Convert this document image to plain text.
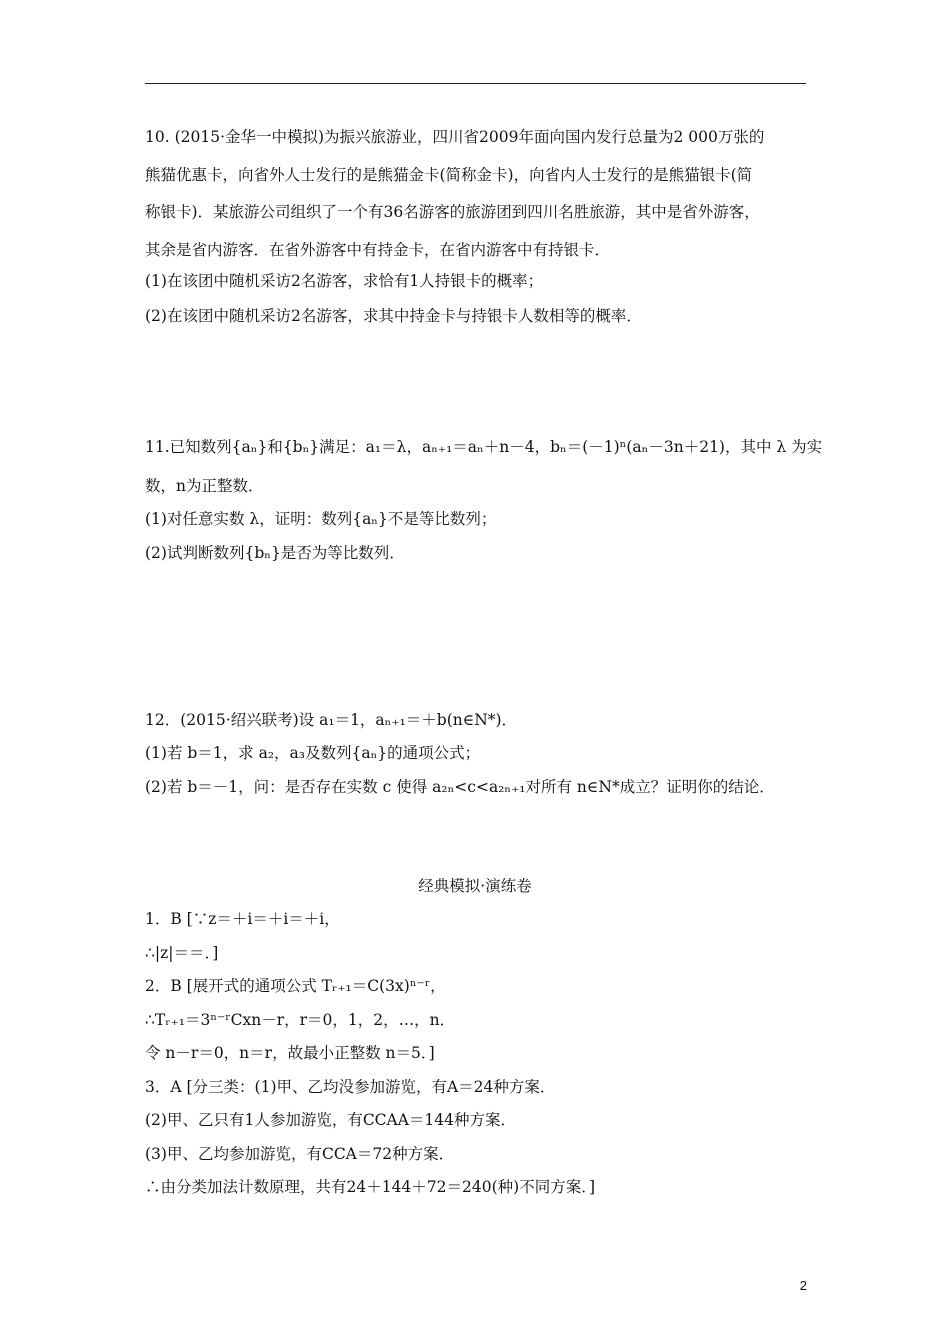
10. (2015·金华一中模拟)为振兴旅游业，四川省2009年面向国内发行总量为2 000万张的
熊猫优惠卡，向省外人士发行的是熊猫金卡(简称金卡)，向省内人士发行的是熊猫银卡(简
称银卡)．某旅游公司组织了一个有36名游客的旅游团到四川名胜旅游，其中是省外游客，
其余是省内游客．在省外游客中有持金卡，在省内游客中有持银卡．
(1)在该团中随机采访2名游客，求恰有1人持银卡的概率；
(2)在该团中随机采访2名游客，求其中持金卡与持银卡人数相等的概率．
11.已知数列{aₙ}和{bₙ}满足：a₁＝λ，aₙ₊₁＝aₙ＋n－4，bₙ＝(－1)ⁿ(aₙ－3n＋21)，其中 λ 为实
数，n为正整数．
(1)对任意实数 λ，证明：数列{aₙ}不是等比数列；
(2)试判断数列{bₙ}是否为等比数列．
12．(2015·绍兴联考)设 a₁＝1，aₙ₊₁＝＋b(n∈N*)．
(1)若 b＝1，求 a₂，a₃及数列{aₙ}的通项公式；
(2)若 b＝－1，问：是否存在实数 c 使得 a₂ₙ<c<a₂ₙ₊₁对所有 n∈N*成立？证明你的结论．
经典模拟·演练卷
1．B [∵z＝＋i＝＋i＝＋i，
∴|z|＝＝．]
2．B [展开式的通项公式 Tᵣ₊₁＝C(3x)ⁿ⁻ʳ，
∴Tᵣ₊₁＝3ⁿ⁻ʳCxn－r，r＝0，1，2，…，n．
令 n－r＝0，n＝r，故最小正整数 n＝5．]
3．A [分三类：(1)甲、乙均没参加游览，有A＝24种方案．
(2)甲、乙只有1人参加游览，有CCAA＝144种方案．
(3)甲、乙均参加游览，有CCA＝72种方案．
∴由分类加法计数原理，共有24＋144＋72＝240(种)不同方案．]
2
